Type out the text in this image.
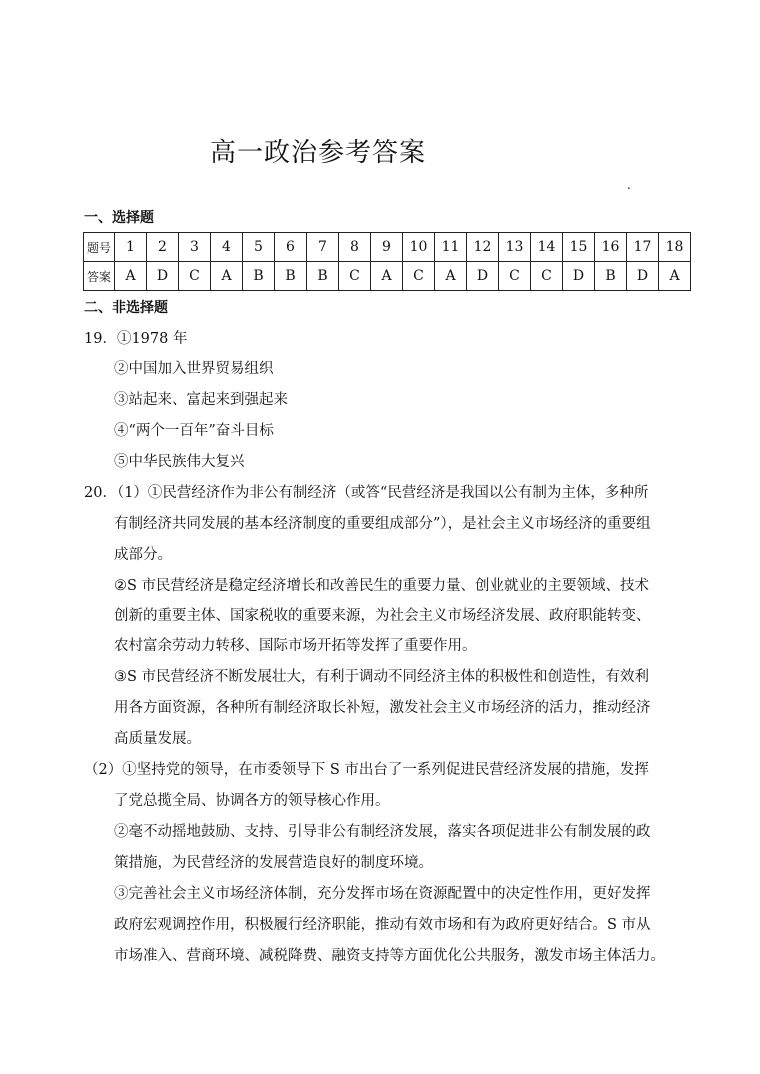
高一政治参考答案
.
一、选择题
题号	1	2	3	4	5	6	7	8	9	10	11	12	13	14	15	16	17	18
答案	A	D	C	A	B	B	B	C	A	C	A	D	C	C	D	B	D	A
二、非选择题
19．①1978 年
②中国加入世界贸易组织
③站起来、富起来到强起来
④“两个一百年”奋斗目标
⑤中华民族伟大复兴
20．（1）①民营经济作为非公有制经济（或答“民营经济是我国以公有制为主体，多种所
有制经济共同发展的基本经济制度的重要组成部分”），是社会主义市场经济的重要组
成部分。
②S 市民营经济是稳定经济增长和改善民生的重要力量、创业就业的主要领域、技术
创新的重要主体、国家税收的重要来源，为社会主义市场经济发展、政府职能转变、
农村富余劳动力转移、国际市场开拓等发挥了重要作用。
③S 市民营经济不断发展壮大，有利于调动不同经济主体的积极性和创造性，有效利
用各方面资源，各种所有制经济取长补短，激发社会主义市场经济的活力，推动经济
高质量发展。
（2）①坚持党的领导，在市委领导下 S 市出台了一系列促进民营经济发展的措施，发挥
了党总揽全局、协调各方的领导核心作用。
②毫不动摇地鼓励、支持、引导非公有制经济发展，落实各项促进非公有制发展的政
策措施，为民营经济的发展营造良好的制度环境。
③完善社会主义市场经济体制，充分发挥市场在资源配置中的决定性作用，更好发挥
政府宏观调控作用，积极履行经济职能，推动有效市场和有为政府更好结合。S 市从
市场准入、营商环境、减税降费、融资支持等方面优化公共服务，激发市场主体活力。
